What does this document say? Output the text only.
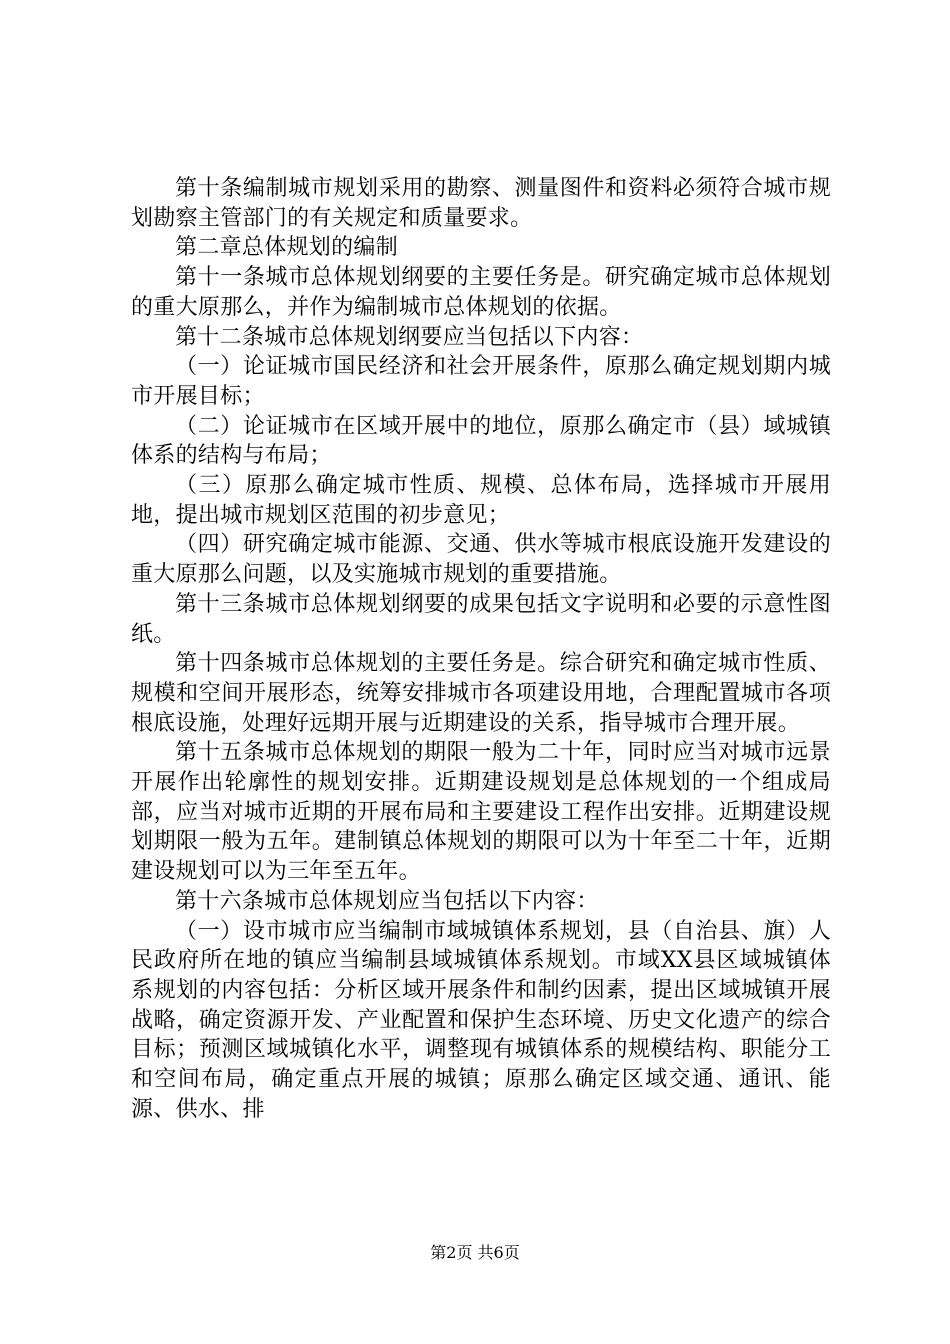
第十条编制城市规划采用的勘察、测量图件和资料必须符合城市规划勘察主管部门的有关规定和质量要求。

第二章总体规划的编制

第十一条城市总体规划纲要的主要任务是。研究确定城市总体规划的重大原那么，并作为编制城市总体规划的依据。

第十二条城市总体规划纲要应当包括以下内容：

（一）论证城市国民经济和社会开展条件，原那么确定规划期内城市开展目标；

（二）论证城市在区域开展中的地位，原那么确定市（县）域城镇体系的结构与布局；

（三）原那么确定城市性质、规模、总体布局，选择城市开展用地，提出城市规划区范围的初步意见；

（四）研究确定城市能源、交通、供水等城市根底设施开发建设的重大原那么问题，以及实施城市规划的重要措施。

第十三条城市总体规划纲要的成果包括文字说明和必要的示意性图纸。

第十四条城市总体规划的主要任务是。综合研究和确定城市性质、规模和空间开展形态，统筹安排城市各项建设用地，合理配置城市各项根底设施，处理好远期开展与近期建设的关系，指导城市合理开展。

第十五条城市总体规划的期限一般为二十年，同时应当对城市远景开展作出轮廓性的规划安排。近期建设规划是总体规划的一个组成局部，应当对城市近期的开展布局和主要建设工程作出安排。近期建设规划期限一般为五年。建制镇总体规划的期限可以为十年至二十年，近期建设规划可以为三年至五年。

第十六条城市总体规划应当包括以下内容：

（一）设市城市应当编制市域城镇体系规划，县（自治县、旗）人民政府所在地的镇应当编制县域城镇体系规划。市域XX县区域城镇体系规划的内容包括：分析区域开展条件和制约因素，提出区域城镇开展战略，确定资源开发、产业配置和保护生态环境、历史文化遗产的综合目标；预测区域城镇化水平，调整现有城镇体系的规模结构、职能分工和空间布局，确定重点开展的城镇；原那么确定区域交通、通讯、能源、供水、排

第2页 共6页
